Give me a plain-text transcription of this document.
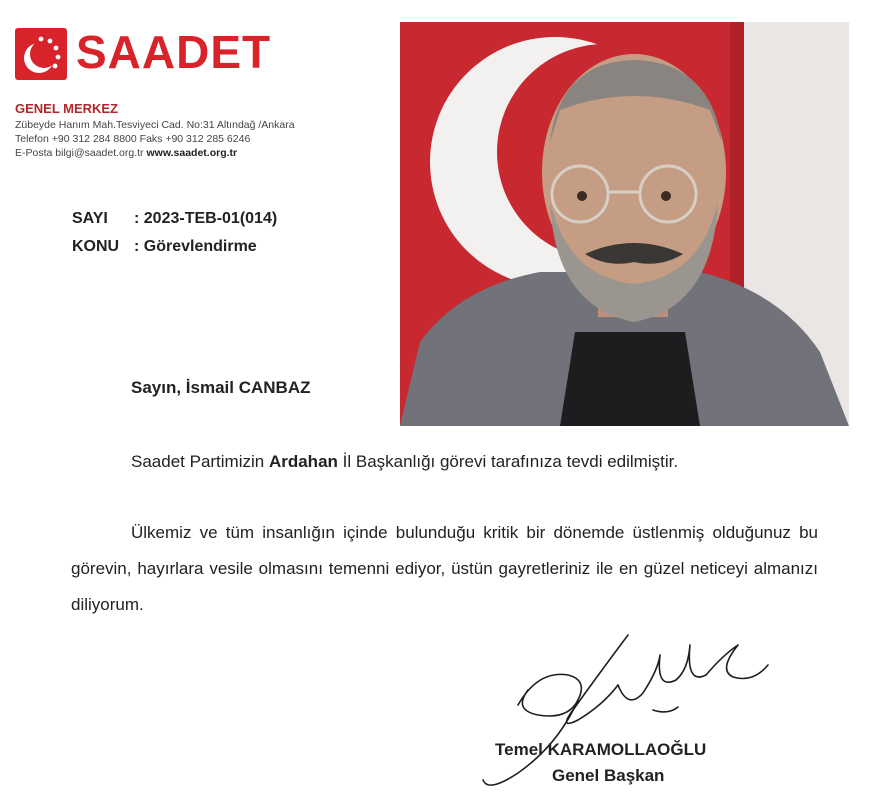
SAADET
GENEL MERKEZ
Zübeyde Hanım Mah.Tesviyeci Cad. No:31 Altındağ /Ankara
Telefon +90 312 284 8800 Faks +90 312 285 6246
E-Posta bilgi@saadet.org.tr www.saadet.org.tr
SAYI : 2023-TEB-01(014)
KONU : Görevlendirme
Sayın, İsmail CANBAZ
Saadet Partimizin Ardahan İl Başkanlığı görevi tarafınıza tevdi edilmiştir.
Ülkemiz ve tüm insanlığın içinde bulunduğu kritik bir dönemde üstlenmiş olduğunuz bu görevin, hayırlara vesile olmasını temenni ediyor, üstün gayretleriniz ile en güzel neticeyi almanızı diliyorum.
Temel KARAMOLLAOĞLU
Genel Başkan
